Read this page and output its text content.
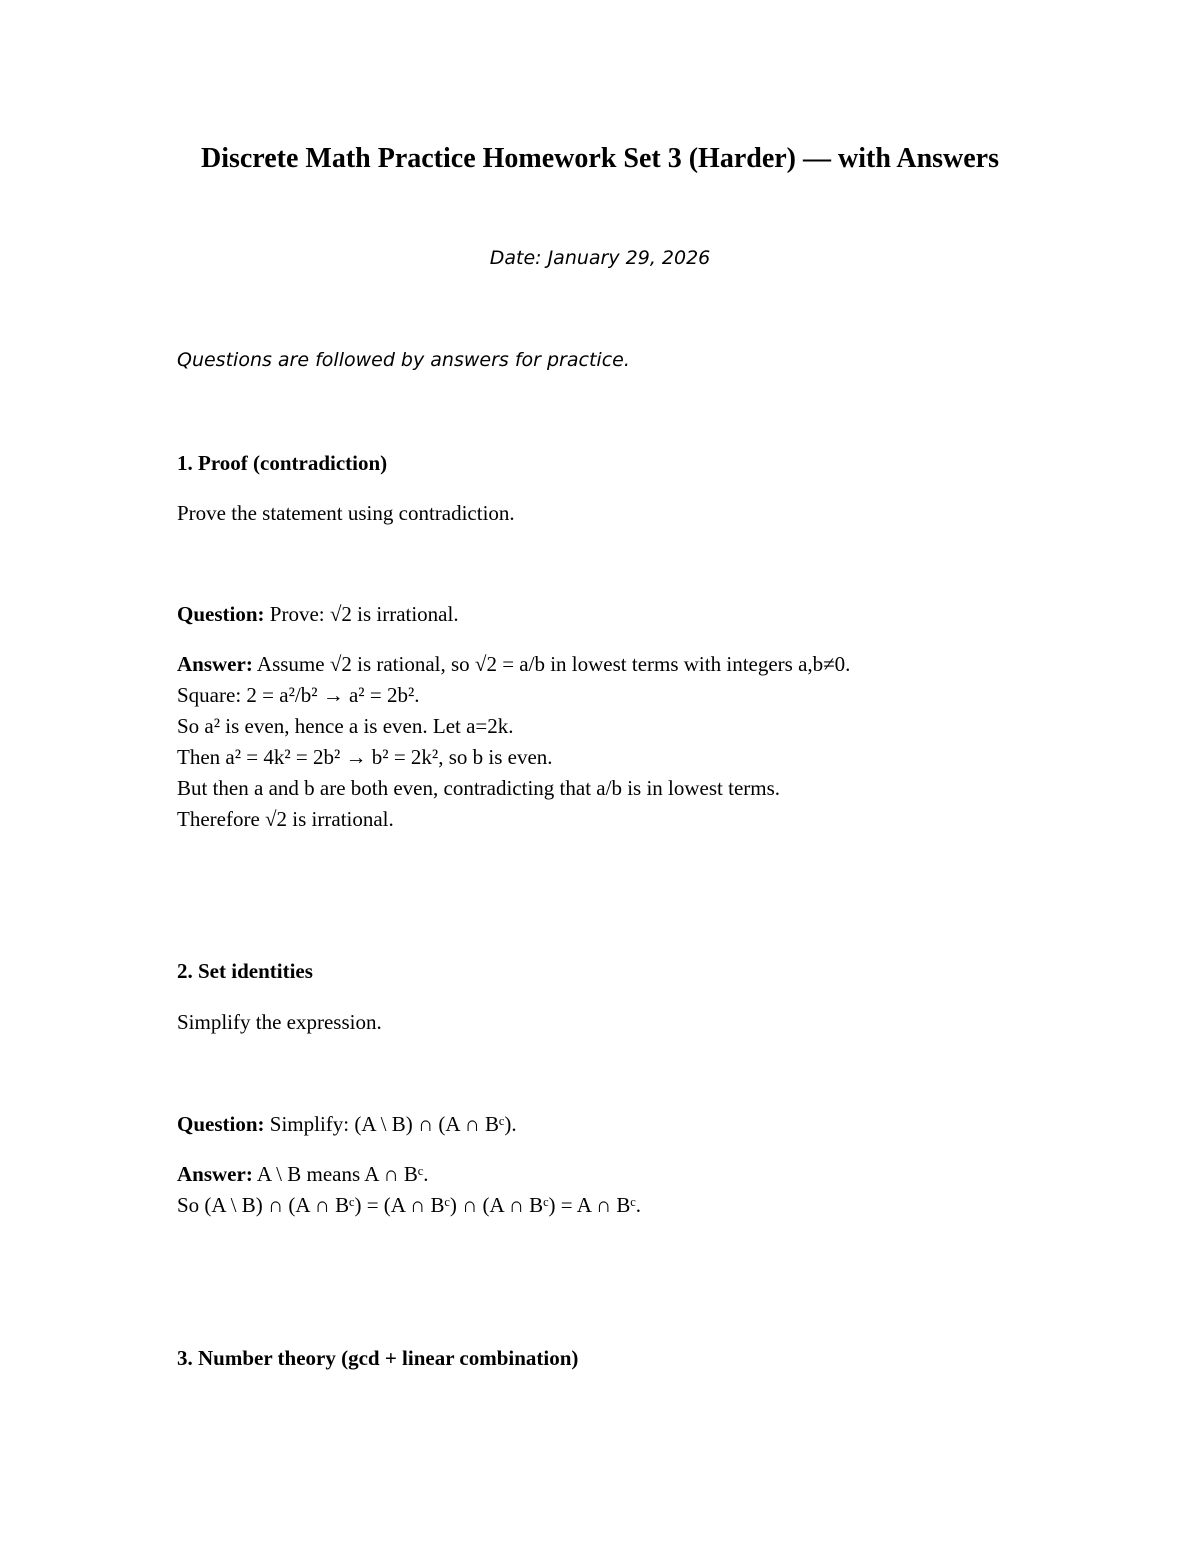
Discrete Math Practice Homework Set 3 (Harder) — with Answers

Date: January 29, 2026

Questions are followed by answers for practice.

1. Proof (contradiction)

Prove the statement using contradiction.

Question: Prove: √2 is irrational.

Answer: Assume √2 is rational, so √2 = a/b in lowest terms with integers a,b≠0.
Square: 2 = a²/b² → a² = 2b².
So a² is even, hence a is even. Let a=2k.
Then a² = 4k² = 2b² → b² = 2k², so b is even.
But then a and b are both even, contradicting that a/b is in lowest terms.
Therefore √2 is irrational.
2. Set identities

Simplify the expression.

Question: Simplify: (A \ B) ∩ (A ∩ Bᶜ).

Answer: A \ B means A ∩ Bᶜ.
So (A \ B) ∩ (A ∩ Bᶜ) = (A ∩ Bᶜ) ∩ (A ∩ Bᶜ) = A ∩ Bᶜ.
3. Number theory (gcd + linear combination)
